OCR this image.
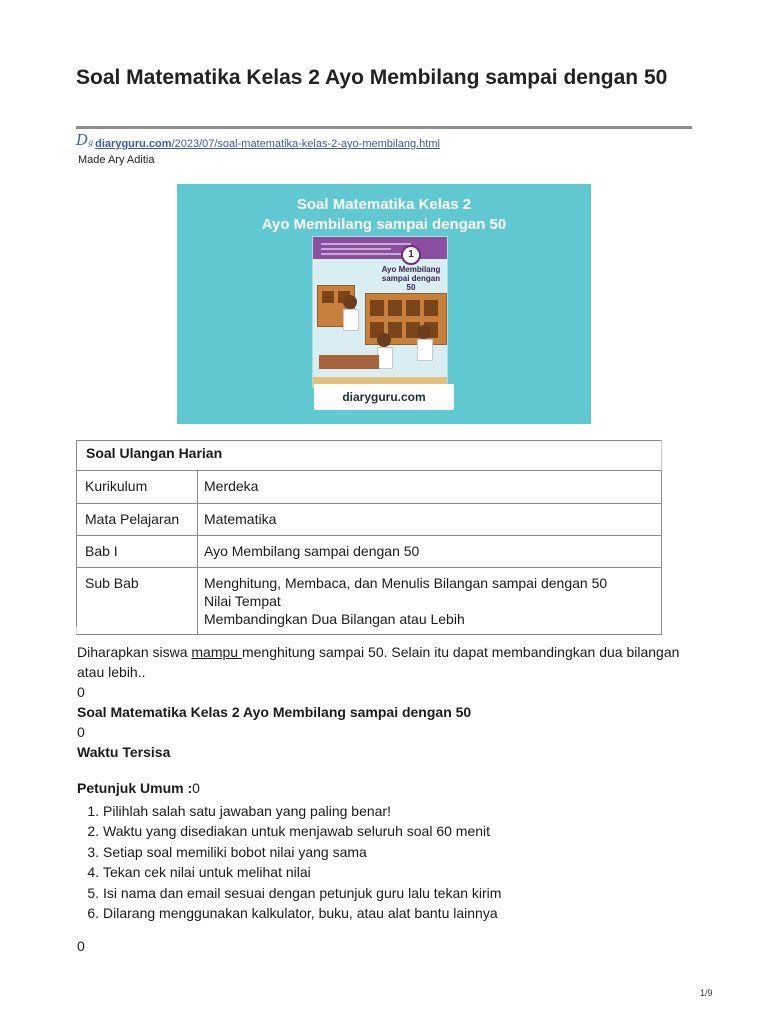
Soal Matematika Kelas 2 Ayo Membilang sampai dengan 50
Dg diaryguru.com/2023/07/soal-matematika-kelas-2-ayo-membilang.html
Made Ary Aditia
Soal Matematika Kelas 2
Ayo Membilang sampai dengan 50
1
Ayo Membilang
sampai dengan 50
diaryguru.com
Soal Ulangan Harian
Kurikulum	Merdeka
Mata Pelajaran	Matematika
Bab I	Ayo Membilang sampai dengan 50
Sub Bab	Menghitung, Membaca, dan Menulis Bilangan sampai dengan 50
Nilai Tempat
Membandingkan Dua Bilangan atau Lebih

Diharapkan siswa mampu menghitung sampai 50. Selain itu dapat membandingkan dua bilangan atau lebih..

0
Soal Matematika Kelas 2 Ayo Membilang sampai dengan 50
0
Waktu Tersisa
Petunjuk Umum :0
1. Pilihlah salah satu jawaban yang paling benar!
2. Waktu yang disediakan untuk menjawab seluruh soal 60 menit
3. Setiap soal memiliki bobot nilai yang sama
4. Tekan cek nilai untuk melihat nilai
5. Isi nama dan email sesuai dengan petunjuk guru lalu tekan kirim
6. Dilarang menggunakan kalkulator, buku, atau alat bantu lainnya
0
1/9
